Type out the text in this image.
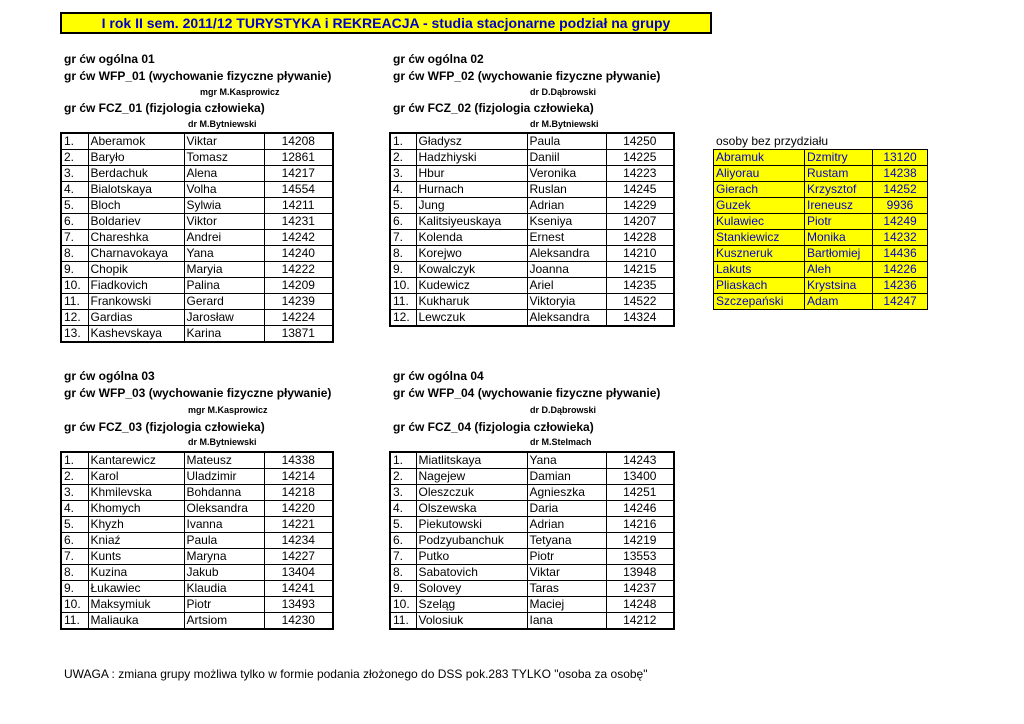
I rok II sem. 2011/12 TURYSTYKA i REKREACJA - studia stacjonarne podział na grupy
gr ćw ogólna 01
gr ćw WFP_01 (wychowanie fizyczne pływanie)
mgr M.Kasprowicz
gr ćw FCZ_01 (fizjologia człowieka)
dr M.Bytniewski
1.	Aberamok	Viktar	14208
2.	Baryło	Tomasz	12861
3.	Berdachuk	Alena	14217
4.	Bialotskaya	Volha	14554
5.	Bloch	Sylwia	14211
6.	Boldariev	Viktor	14231
7.	Chareshka	Andrei	14242
8.	Charnavokaya	Yana	14240
9.	Chopik	Maryia	14222
10.	Fiadkovich	Palina	14209
11.	Frankowski	Gerard	14239
12.	Gardias	Jarosław	14224
13.	Kashevskaya	Karina	13871
gr ćw ogólna 02
gr ćw WFP_02 (wychowanie fizyczne pływanie)
dr D.Dąbrowski
gr ćw FCZ_02 (fizjologia człowieka)
dr M.Bytniewski
1.	Gładysz	Paula	14250
2.	Hadzhiyski	Daniil	14225
3.	Hbur	Veronika	14223
4.	Hurnach	Ruslan	14245
5.	Jung	Adrian	14229
6.	Kalitsiyeuskaya	Kseniya	14207
7.	Kolenda	Ernest	14228
8.	Korejwo	Aleksandra	14210
9.	Kowalczyk	Joanna	14215
10.	Kudewicz	Ariel	14235
11.	Kukharuk	Viktoryia	14522
12.	Lewczuk	Aleksandra	14324
osoby bez przydziału
Abramuk	Dzmitry	13120
Aliyorau	Rustam	14238
Gierach	Krzysztof	14252
Guzek	Ireneusz	9936
Kulawiec	Piotr	14249
Stankiewicz	Monika	14232
Kuszneruk	Bartłomiej	14436
Lakuts	Aleh	14226
Pliaskach	Krystsina	14236
Szczepański	Adam	14247
gr ćw ogólna 03
gr ćw WFP_03 (wychowanie fizyczne pływanie)
mgr M.Kasprowicz
gr ćw FCZ_03 (fizjologia człowieka)
dr M.Bytniewski
1.	Kantarewicz	Mateusz	14338
2.	Karol	Uladzimir	14214
3.	Khmilevska	Bohdanna	14218
4.	Khomych	Oleksandra	14220
5.	Khyzh	Ivanna	14221
6.	Kniaź	Paula	14234
7.	Kunts	Maryna	14227
8.	Kuzina	Jakub	13404
9.	Łukawiec	Klaudia	14241
10.	Maksymiuk	Piotr	13493
11.	Maliauka	Artsiom	14230
gr ćw ogólna 04
gr ćw WFP_04 (wychowanie fizyczne pływanie)
dr D.Dąbrowski
gr ćw FCZ_04 (fizjologia człowieka)
dr M.Stelmach
1.	Miatlitskaya	Yana	14243
2.	Nagejew	Damian	13400
3.	Oleszczuk	Agnieszka	14251
4.	Olszewska	Daria	14246
5.	Piekutowski	Adrian	14216
6.	Podzyubanchuk	Tetyana	14219
7.	Putko	Piotr	13553
8.	Sabatovich	Viktar	13948
9.	Solovey	Taras	14237
10.	Szeląg	Maciej	14248
11.	Volosiuk	Iana	14212
UWAGA : zmiana grupy możliwa tylko w formie podania złożonego do DSS pok.283 TYLKO "osoba za osobę"
